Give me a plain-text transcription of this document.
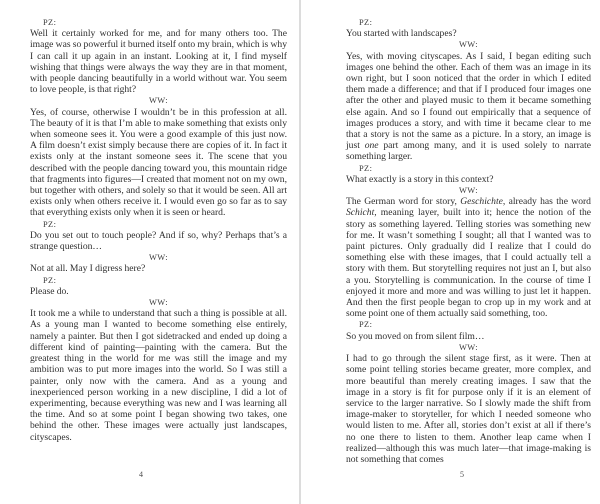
PZ:
Well it certainly worked for me, and for many others too. The image was so powerful it burned itself onto my brain, which is why I can call it up again in an instant. Looking at it, I find myself wishing that things were always the way they are in that moment, with people dancing beautifully in a world without war. You seem to love people, is that right?
WW:
Yes, of course, otherwise I wouldn’t be in this profession at all. The beauty of it is that I’m able to make something that exists only when someone sees it. You were a good example of this just now. A film doesn’t exist simply because there are copies of it. In fact it exists only at the instant someone sees it. The scene that you described with the people dancing toward you, this mountain ridge that fragments into figures—I created that moment not on my own, but together with others, and solely so that it would be seen. All art exists only when others receive it. I would even go so far as to say that everything exists only when it is seen or heard.
PZ:
Do you set out to touch people? And if so, why? Perhaps that’s a strange question…
WW:
Not at all. May I digress here?
PZ:
Please do.
WW:
It took me a while to understand that such a thing is possible at all. As a young man I wanted to become something else entirely, namely a painter. But then I got sidetracked and ended up doing a different kind of painting—painting with the camera. But the greatest thing in the world for me was still the image and my ambition was to put more images into the world. So I was still a painter, only now with the camera. And as a young and inexperienced person working in a new discipline, I did a lot of experimenting, because everything was new and I was learning all the time. And so at some point I began showing two takes, one behind the other. These images were actually just landscapes, cityscapes.
PZ:
You started with landscapes?
WW:
Yes, with moving cityscapes. As I said, I began editing such images one behind the other. Each of them was an image in its own right, but I soon noticed that the order in which I edited them made a difference; and that if I produced four images one after the other and played music to them it became something else again. And so I found out empirically that a sequence of images produces a story, and with time it became clear to me that a story is not the same as a picture. In a story, an image is just one part among many, and it is used solely to narrate something larger.
PZ:
What exactly is a story in this context?
WW:
The German word for story, Geschichte, already has the word Schicht, meaning layer, built into it; hence the notion of the story as something layered. Telling stories was something new for me. It wasn’t something I sought; all that I wanted was to paint pictures. Only gradually did I realize that I could do something else with these images, that I could actually tell a story with them. But storytelling requires not just an I, but also a you. Storytelling is communication. In the course of time I enjoyed it more and more and was willing to just let it happen. And then the first people began to crop up in my work and at some point one of them actually said something, too.
PZ:
So you moved on from silent film…
WW:
I had to go through the silent stage first, as it were. Then at some point telling stories became greater, more complex, and more beautiful than merely creating images. I saw that the image in a story is fit for purpose only if it is an element of service to the larger narrative. So I slowly made the shift from image-maker to storyteller, for which I needed someone who would listen to me. After all, stories don’t exist at all if there’s no one there to listen to them. Another leap came when I realized—although this was much later—that image-making is not something that comes
4	5
